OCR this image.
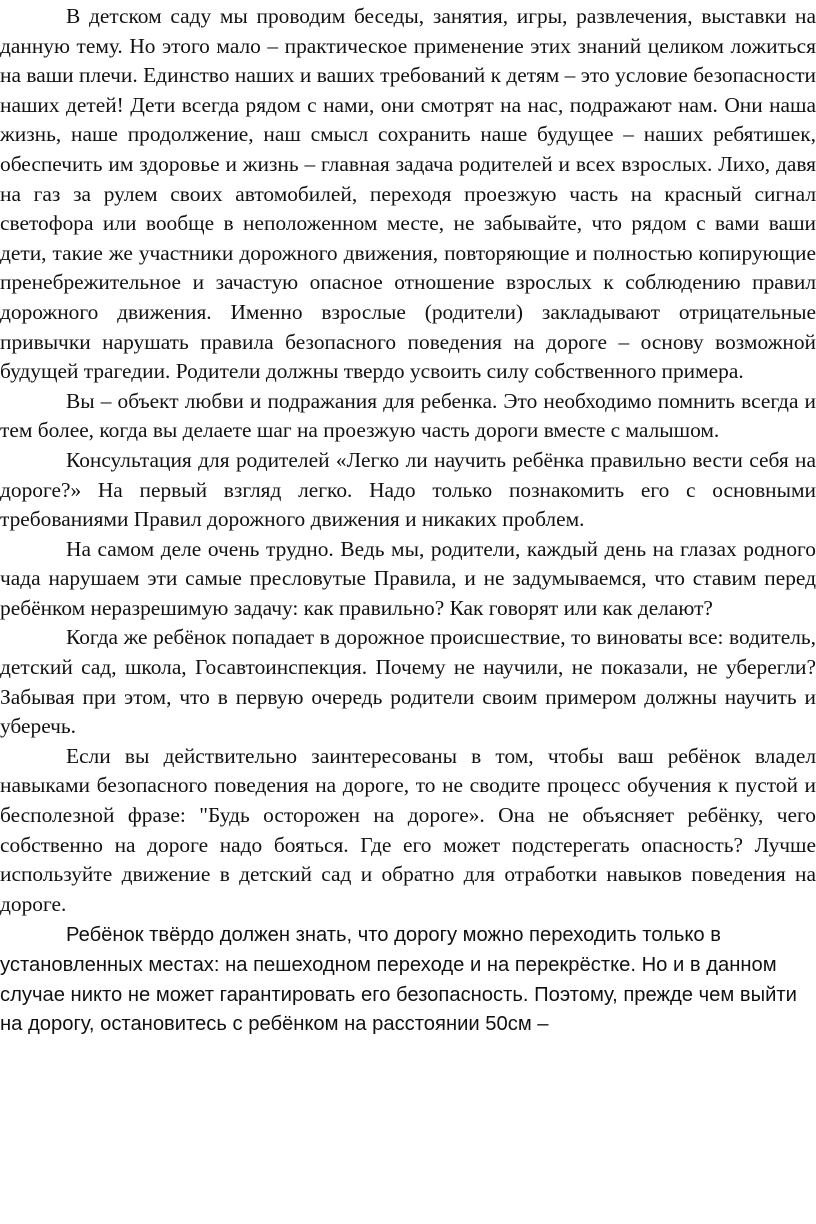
В детском саду мы проводим беседы, занятия, игры, развлечения, выставки на данную тему. Но этого мало – практическое применение этих знаний целиком ложиться на ваши плечи. Единство наших и ваших требований к детям – это условие безопасности наших детей! Дети всегда рядом с нами, они смотрят на нас, подражают нам. Они наша жизнь, наше продолжение, наш смысл сохранить наше будущее – наших ребятишек, обеспечить им здоровье и жизнь – главная задача родителей и всех взрослых. Лихо, давя на газ за рулем своих автомобилей, переходя проезжую часть на красный сигнал светофора или вообще в неположенном месте, не забывайте, что рядом с вами ваши дети, такие же участники дорожного движения, повторяющие и полностью копирующие пренебрежительное и зачастую опасное отношение взрослых к соблюдению правил дорожного движения. Именно взрослые (родители) закладывают отрицательные привычки нарушать правила безопасного поведения на дороге – основу возможной будущей трагедии. Родители должны твердо усвоить силу собственного примера.

Вы – объект любви и подражания для ребенка. Это необходимо помнить всегда и тем более, когда вы делаете шаг на проезжую часть дороги вместе с малышом.

Консультация для родителей «Легко ли научить ребёнка правильно вести себя на дороге?» На первый взгляд легко. Надо только познакомить его с основными требованиями Правил дорожного движения и никаких проблем.

На самом деле очень трудно. Ведь мы, родители, каждый день на глазах родного чада нарушаем эти самые пресловутые Правила, и не задумываемся, что ставим перед ребёнком неразрешимую задачу: как правильно? Как говорят или как делают?

Когда же ребёнок попадает в дорожное происшествие, то виноваты все: водитель, детский сад, школа, Госавтоинспекция. Почему не научили, не показали, не уберегли? Забывая при этом, что в первую очередь родители своим примером должны научить и уберечь.

Если вы действительно заинтересованы в том, чтобы ваш ребёнок владел навыками безопасного поведения на дороге, то не сводите процесс обучения к пустой и бесполезной фразе: "Будь осторожен на дороге». Она не объясняет ребёнку, чего собственно на дороге надо бояться. Где его может подстерегать опасность? Лучше используйте движение в детский сад и обратно для отработки навыков поведения на дороге.

Ребёнок твёрдо должен знать, что дорогу можно переходить только в установленных местах: на пешеходном переходе и на перекрёстке. Но и в данном случае никто не может гарантировать его безопасность. Поэтому, прежде чем выйти на дорогу, остановитесь с ребёнком на расстоянии 50см –
